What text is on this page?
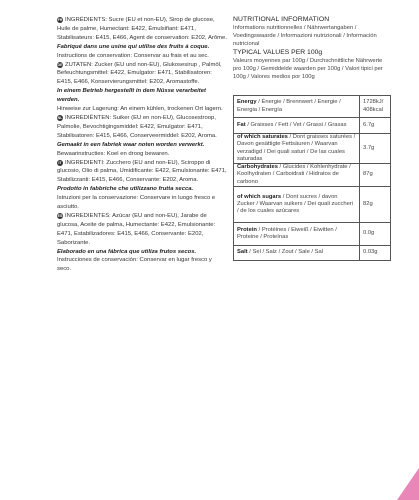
FR INGRÉDIENTS: Sucre (EU et non-EU), Sirop de glucose, Huile de palme, Humectant: E422, Émulsifiant: E471, Stabilisateurs: E415, E466, Agent de conservation: E202, Arôme.
Fabriqué dans une usine qui utilise des fruits à coque.
Instructions de conservation: Conservar au frais et au sec.
DE ZUTATEN: Zucker (EU und non-EU), Glukosesirup , Palmöl, Befeuchtungsmittel: E422, Emulgator: E471, Stabilisatoren: E415, E466, Konservierungsmittel: E202, Aromastoffe.
In einem Betrieb hergestellt in dem Nüsse verarbeitet werden.
Hinweise zur Lagerung: An einem kühlen, trockenen Ort lagern.
NL INGREDIËNTEN: Suiker (EU en non-EU), Glucosestroop, Palmolie, Bevochtigingsmiddel: E422, Emulgator: E471, Stabilisatoren: E415, E466, Conserveermiddel: E202, Aroma.
Gemaakt in een fabriek waar noten worden verwerkt.
Bewaarinstructies: Koel en droog bewaren.
IT INGREDIENTI: Zucchero (EU and non-EU), Sciroppo di glucosio, Olio di palma, Umidificante: E422, Emulsionante: E471, Stabilizzanti: E415, E466, Conservante: E202, Aroma.
Prodotto in fabbriche che utilizzano frutta secca.
Istruzioni per la conservazione: Conservare in luogo fresco e asciutto.
ES INGREDIENTES: Azúcar (EU and non-EU), Jarabe de glucosa, Aceite de palma, Humectante: E422, Emulsionante: E471, Estabilizadores: E415, E466, Conservante: E202, Saborizante.
Elaborado en una fábrica que utiliza frutos secos.
Instrucciones de conservación: Conservar en lugar fresco y seco.
NUTRITIONAL INFORMATION
Informations nutritionnelles / Nährwertangaben / Voedingswaarde / Informazioni nutrizionali / Información nutricional
TYPICAL VALUES PER 100g
Valeurs moyennes par 100g / Durchschnittliche Nährwerte pro 100g / Gemiddelde waarden per 100g / Valori tipici per 100g / Valores medios por 100g
Energy / Énergie / Brennwert / Energie / Energia / Energía	1728kJ/ 408kcal
Fat / Graisses / Fett / Vet / Grassi / Grasas	6.7g
of which saturates / Dont graisses saturées / Davon gesättigte Fettsäuren / Waarvan verzadigd / Dei quali saturi / De las cuales saturadas	3.7g
Carbohydrates / Glucides / Kohlenhydrate / Koolhydraten / Carboidrati / Hidratos de carbono	87g
of which sugars / Dont sucres / davon Zucker / Waarvan suikers / Dei quali zuccheri / de los cuales azúcares	82g
Protein / Protéines / Eiweiß / Eiwitten / Proteine / Proteínas	0.0g
Salt / Sel / Salz / Zout / Sale / Sal	0.03g
